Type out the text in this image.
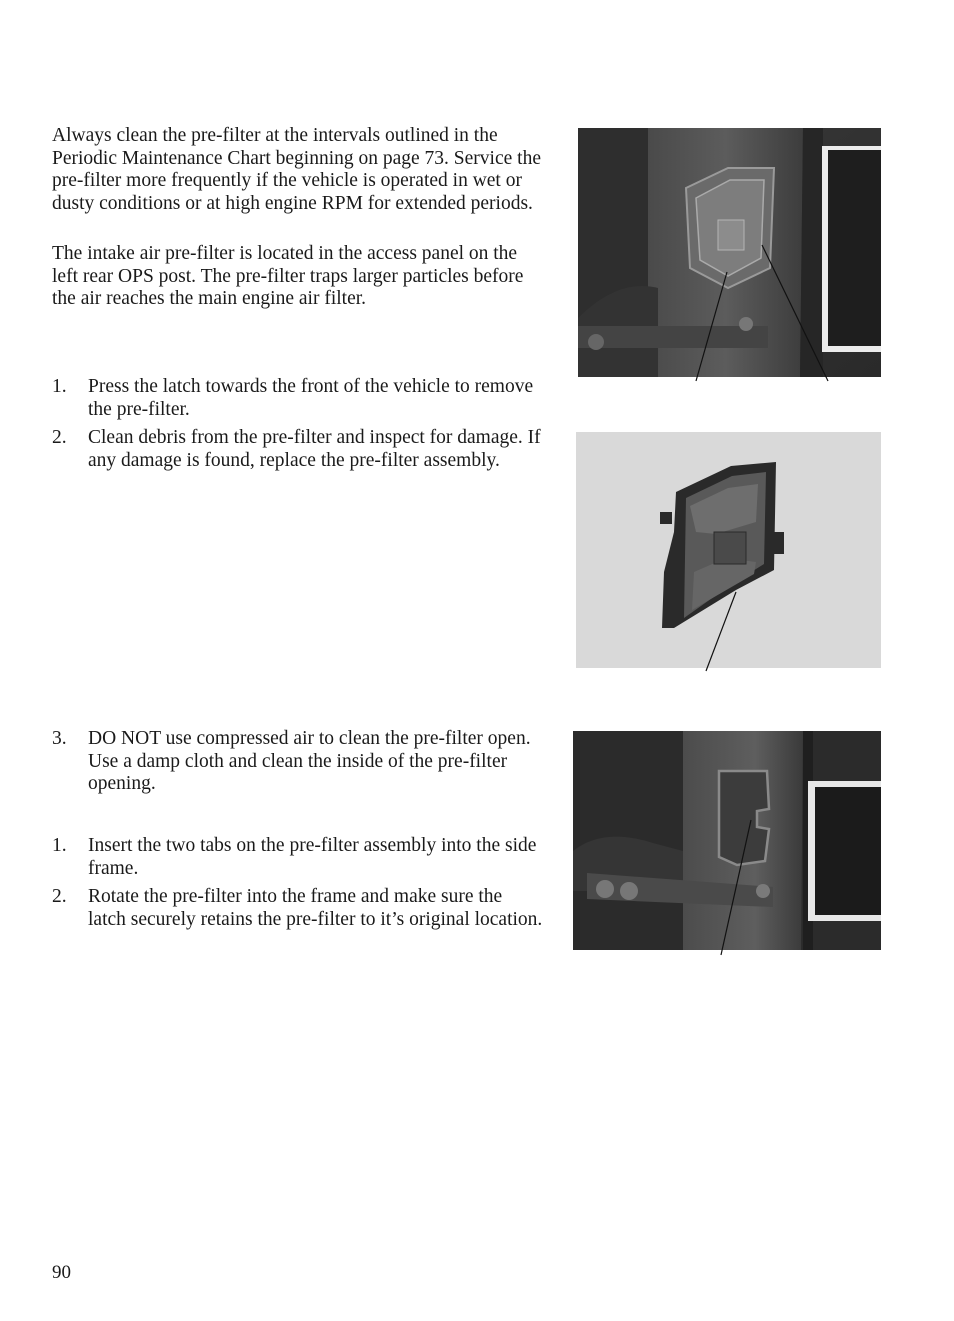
Always clean the pre-filter at the intervals outlined in the Periodic Maintenance Chart beginning on page 73. Service the pre-filter more frequently if the vehicle is operated in wet or dusty conditions or at high engine RPM for extended periods.

The intake air pre-filter is located in the access panel on the left rear OPS post. The pre-filter traps larger particles before the air reaches the main engine air filter.

1. Press the latch towards the front of the vehicle to remove the pre-filter.
2. Clean debris from the pre-filter and inspect for damage. If any damage is found, replace the pre-filter assembly.
3. DO NOT use compressed air to clean the pre-filter open. Use a damp cloth and clean the inside of the pre-filter opening.
1. Insert the two tabs on the pre-filter assembly into the side frame.
2. Rotate the pre-filter into the frame and make sure the latch securely retains the pre-filter to it’s original location.
90
